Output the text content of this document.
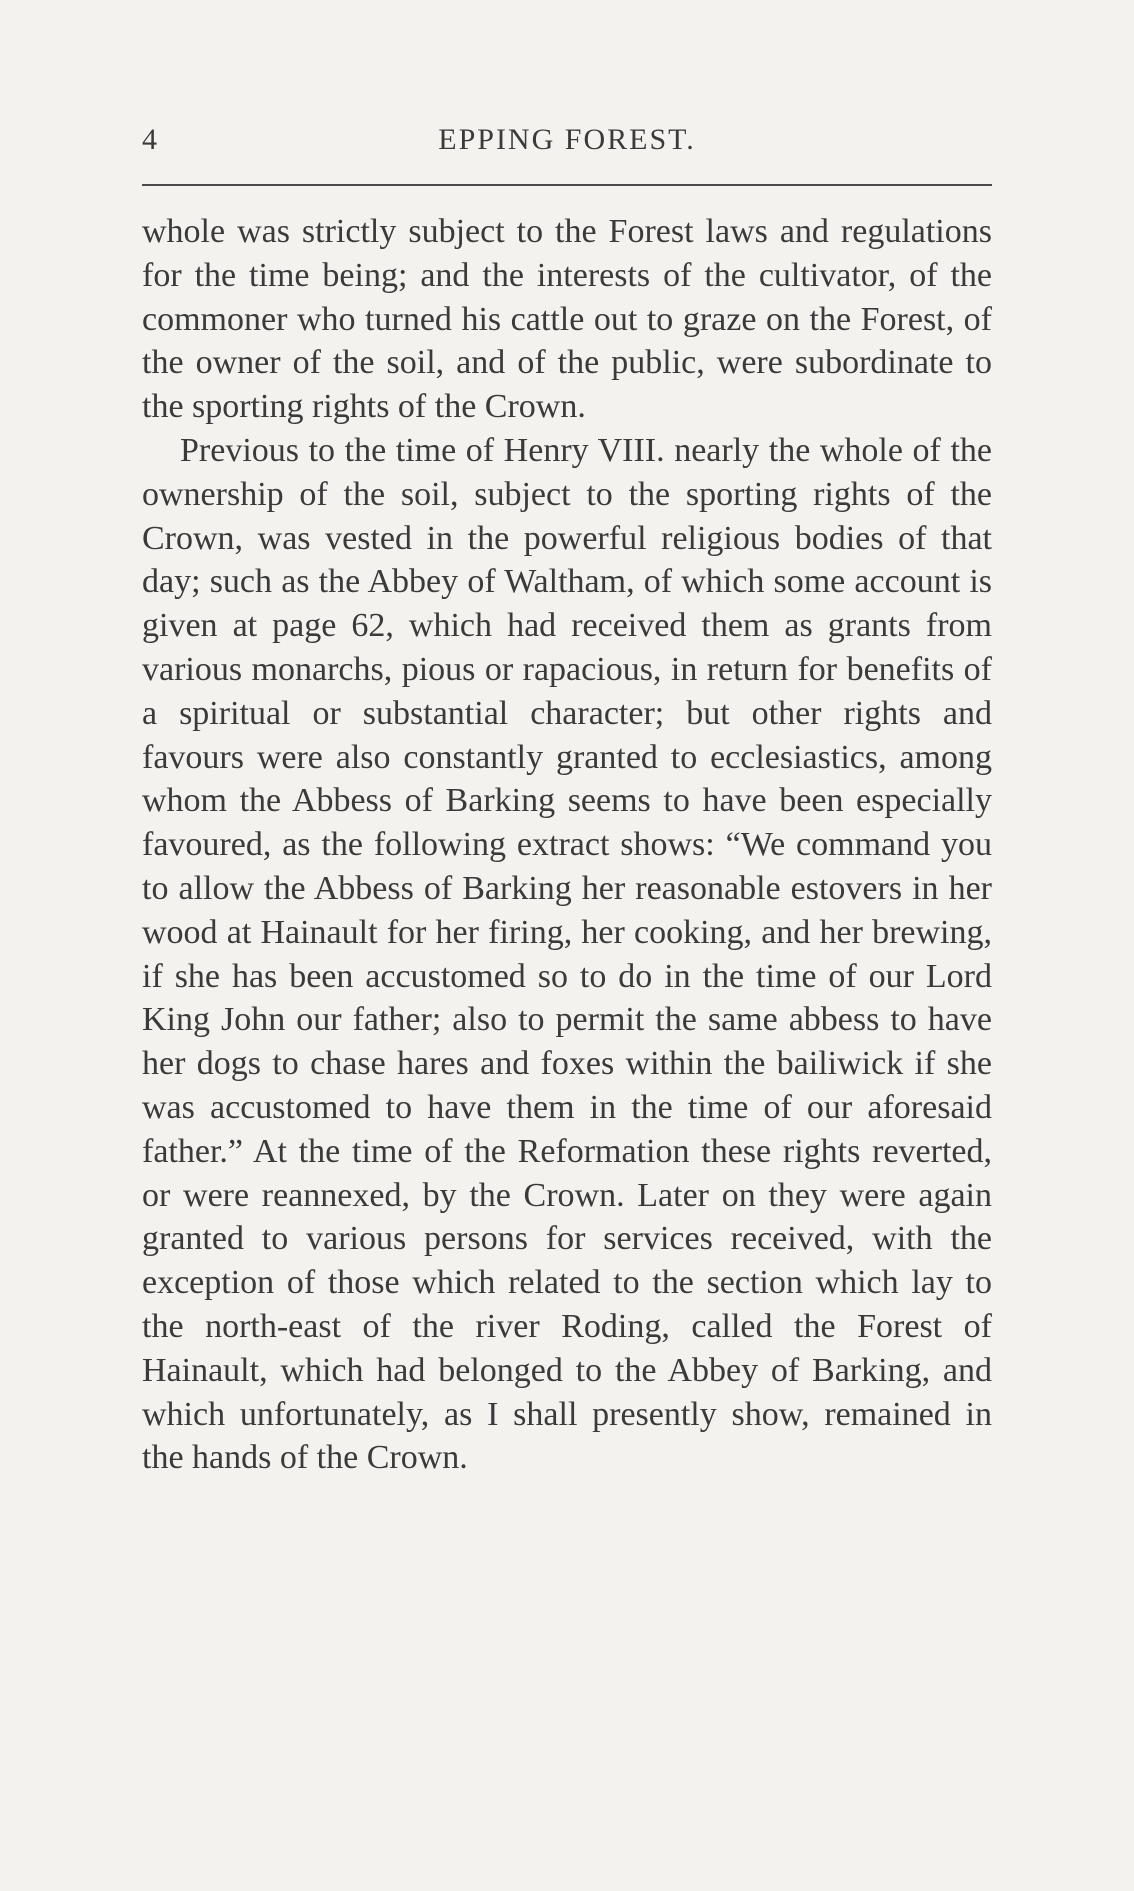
4	EPPING FOREST.

whole was strictly subject to the Forest laws and regulations for the time being; and the interests of the cultivator, of the commoner who turned his cattle out to graze on the Forest, of the owner of the soil, and of the public, were subordinate to the sporting rights of the Crown.

Previous to the time of Henry VIII. nearly the whole of the ownership of the soil, subject to the sporting rights of the Crown, was vested in the powerful religious bodies of that day; such as the Abbey of Waltham, of which some account is given at page 62, which had received them as grants from various monarchs, pious or rapacious, in return for benefits of a spiritual or substantial character; but other rights and favours were also constantly granted to ecclesiastics, among whom the Abbess of Barking seems to have been especially favoured, as the following extract shows: “We command you to allow the Abbess of Barking her reasonable estovers in her wood at Hainault for her firing, her cooking, and her brewing, if she has been accustomed so to do in the time of our Lord King John our father; also to permit the same abbess to have her dogs to chase hares and foxes within the bailiwick if she was accustomed to have them in the time of our aforesaid father.” At the time of the Reformation these rights reverted, or were reannexed, by the Crown. Later on they were again granted to various persons for services received, with the exception of those which related to the section which lay to the north-east of the river Roding, called the Forest of Hainault, which had belonged to the Abbey of Barking, and which unfortunately, as I shall presently show, remained in the hands of the Crown.
